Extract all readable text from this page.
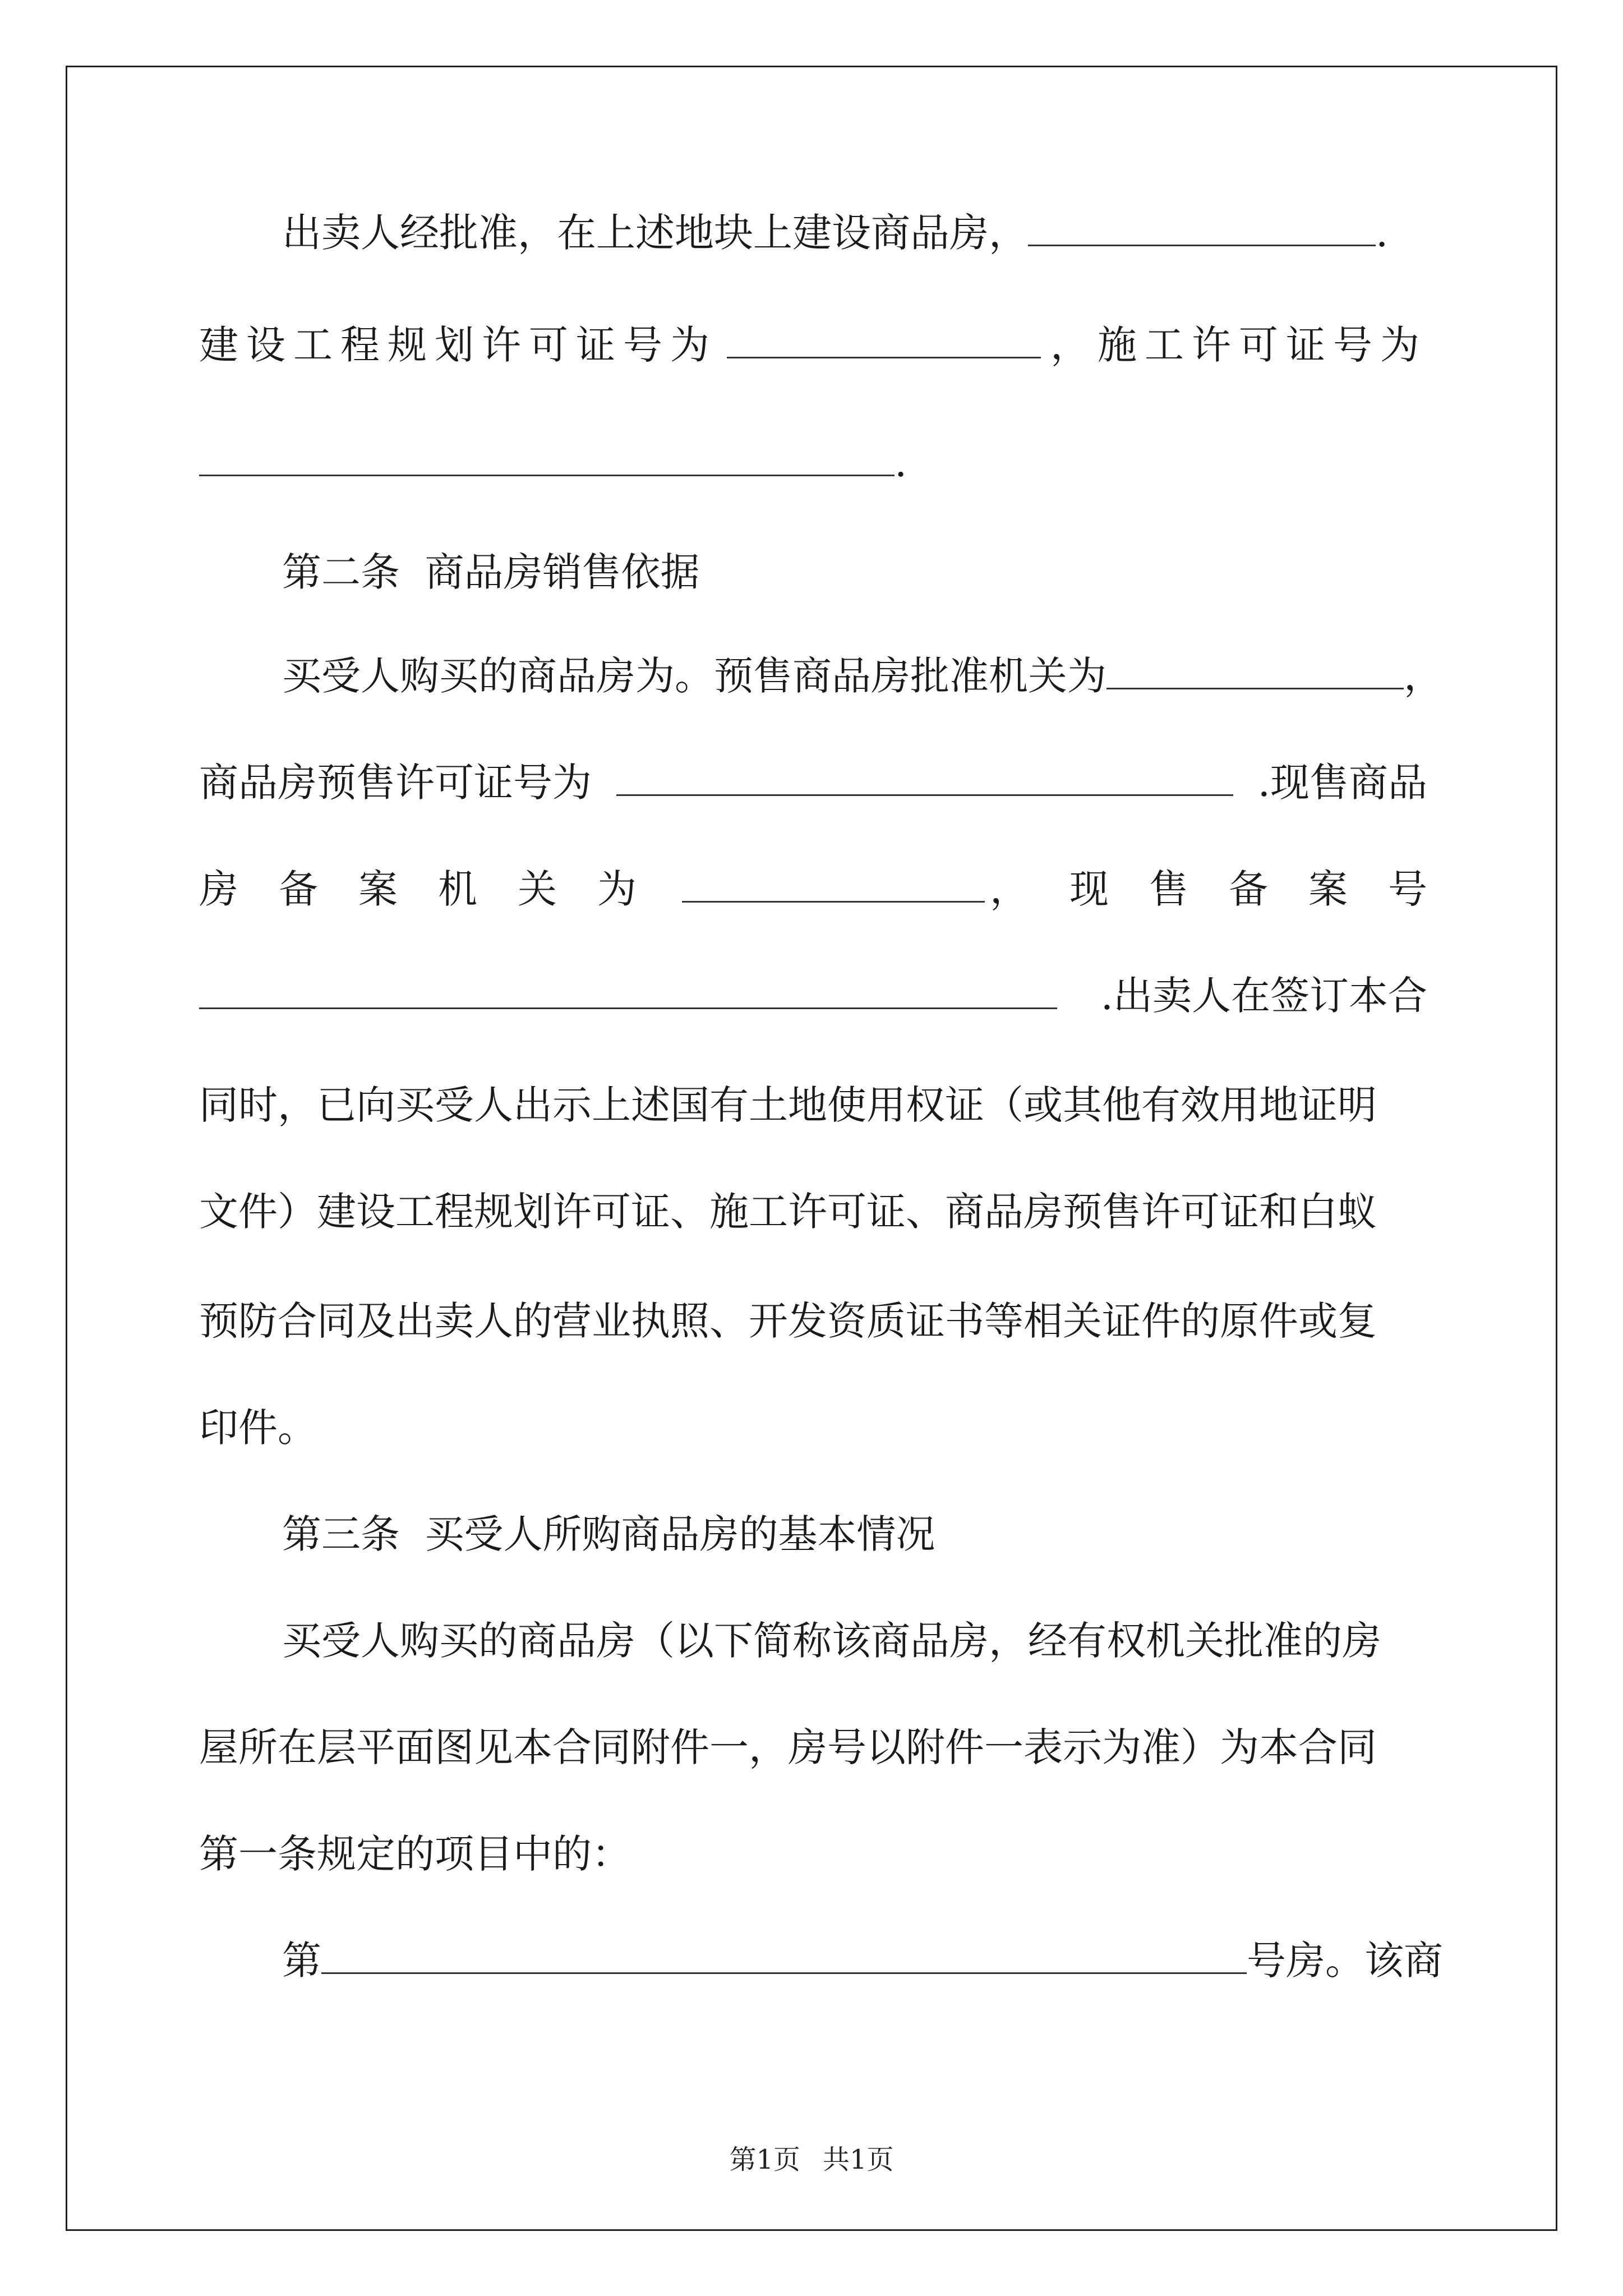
出卖人经批准，在上述地块上建设商品房，	.
建设工程规划许可证号为	，施工许可证号为
.
第二条  商品房销售依据
买受人购买的商品房为。预售商品房批准机关为	，
商品房预售许可证号为	.现售商品
房备案机关为	，现售备案号
.出卖人在签订本合
同时，已向买受人出示上述国有土地使用权证（或其他有效用地证明
文件）建设工程规划许可证、施工许可证、商品房预售许可证和白蚁
预防合同及出卖人的营业执照、开发资质证书等相关证件的原件或复
印件。
第三条  买受人所购商品房的基本情况
买受人购买的商品房（以下简称该商品房，经有权机关批准的房
屋所在层平面图见本合同附件一，房号以附件一表示为准）为本合同
第一条规定的项目中的：
第	号房。该商
第1页 共1页
